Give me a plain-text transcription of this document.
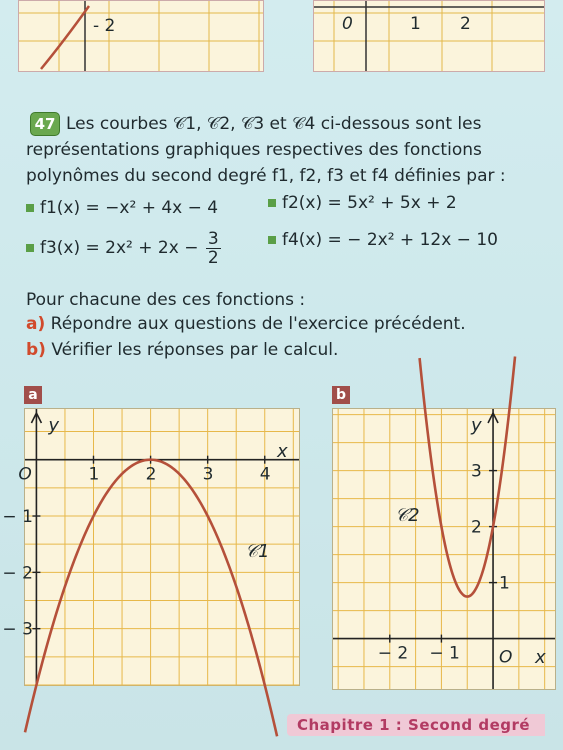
- 2	0	1 2
47 Les courbes 𝒞1, 𝒞2, 𝒞3 et 𝒞4 ci-dessous sont les
représentations graphiques respectives des fonctions
polynômes du second degré f1, f2, f3 et f4 définies par :
f1(x) = −x² + 4x − 4	f2(x) = 5x² + 5x + 2
$f3(x) = 2x^2 + 2x - \frac{3}{2}$	f4(x) = − 2x² + 12x − 10
Pour chacune des ces fonctions :
a) Répondre aux questions de l'exercice précédent.
b) Vérifier les réponses par le calcul.
a
1	2	3	4
− 1
− 2
− 3
x
y
O
𝒞1
b
− 2 − 1
3
2
1
x
y
O
𝒞2
Chapitre 1 : Second degré
